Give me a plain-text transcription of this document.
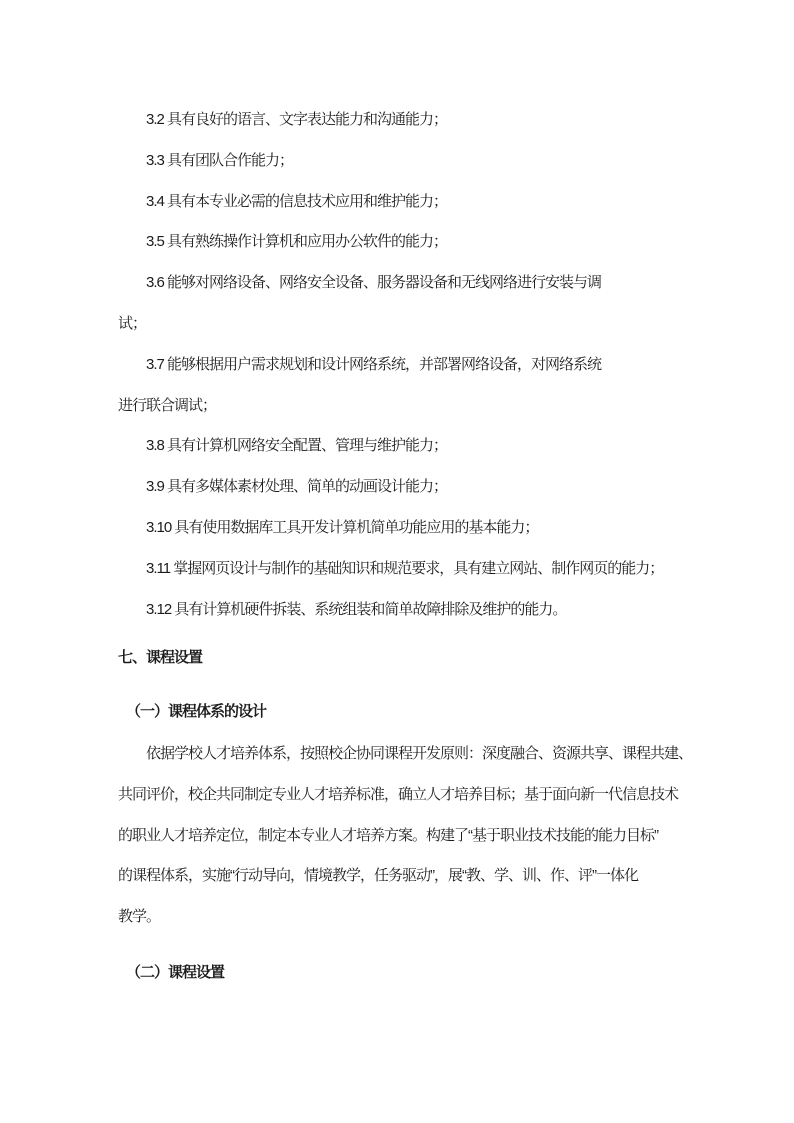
3.2 具有良好的语言、文字表达能力和沟通能力；
3.3 具有团队合作能力；
3.4 具有本专业必需的信息技术应用和维护能力；
3.5 具有熟练操作计算机和应用办公软件的能力；
3.6 能够对网络设备、网络安全设备、服务器设备和无线网络进行安装与调
试；
3.7 能够根据用户需求规划和设计网络系统，并部署网络设备，对网络系统
进行联合调试；
3.8 具有计算机网络安全配置、管理与维护能力；
3.9 具有多媒体素材处理、简单的动画设计能力；
3.10 具有使用数据库工具开发计算机简单功能应用的基本能力；
3.11 掌握网页设计与制作的基础知识和规范要求，具有建立网站、制作网页的能力；
3.12 具有计算机硬件拆装、系统组装和简单故障排除及维护的能力。
七、课程设置
（一）课程体系的设计
依据学校人才培养体系，按照校企协同课程开发原则：深度融合、资源共享、课程共建、
共同评价，校企共同制定专业人才培养标准，确立人才培养目标；基于面向新一代信息技术
的职业人才培养定位，制定本专业人才培养方案。构建了“基于职业技术技能的能力目标”
的课程体系，实施“行动导向，情境教学，任务驱动”，展“教、学、训、作、评”一体化
教学。
（二）课程设置
